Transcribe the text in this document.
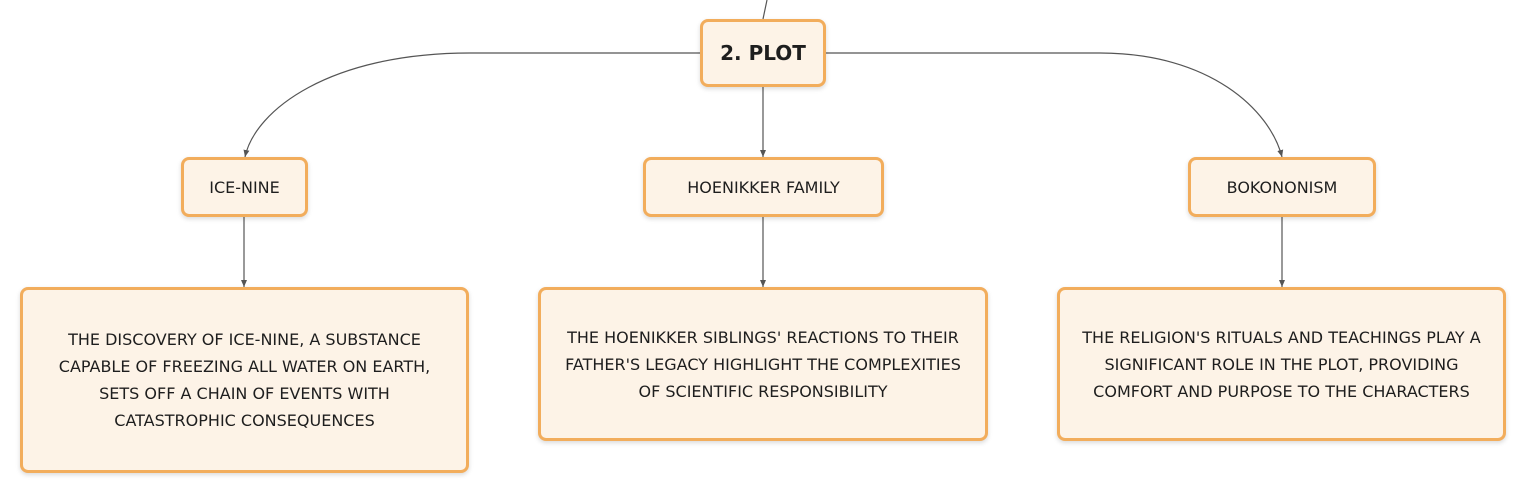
2. PLOT
ICE-NINE	HOENIKKER FAMILY	BOKONONISM
THE DISCOVERY OF ICE-NINE, A SUBSTANCE CAPABLE OF FREEZING ALL WATER ON EARTH, SETS OFF A CHAIN OF EVENTS WITH CATASTROPHIC CONSEQUENCES
THE HOENIKKER SIBLINGS' REACTIONS TO THEIR FATHER'S LEGACY HIGHLIGHT THE COMPLEXITIES OF SCIENTIFIC RESPONSIBILITY
THE RELIGION'S RITUALS AND TEACHINGS PLAY A SIGNIFICANT ROLE IN THE PLOT, PROVIDING COMFORT AND PURPOSE TO THE CHARACTERS
